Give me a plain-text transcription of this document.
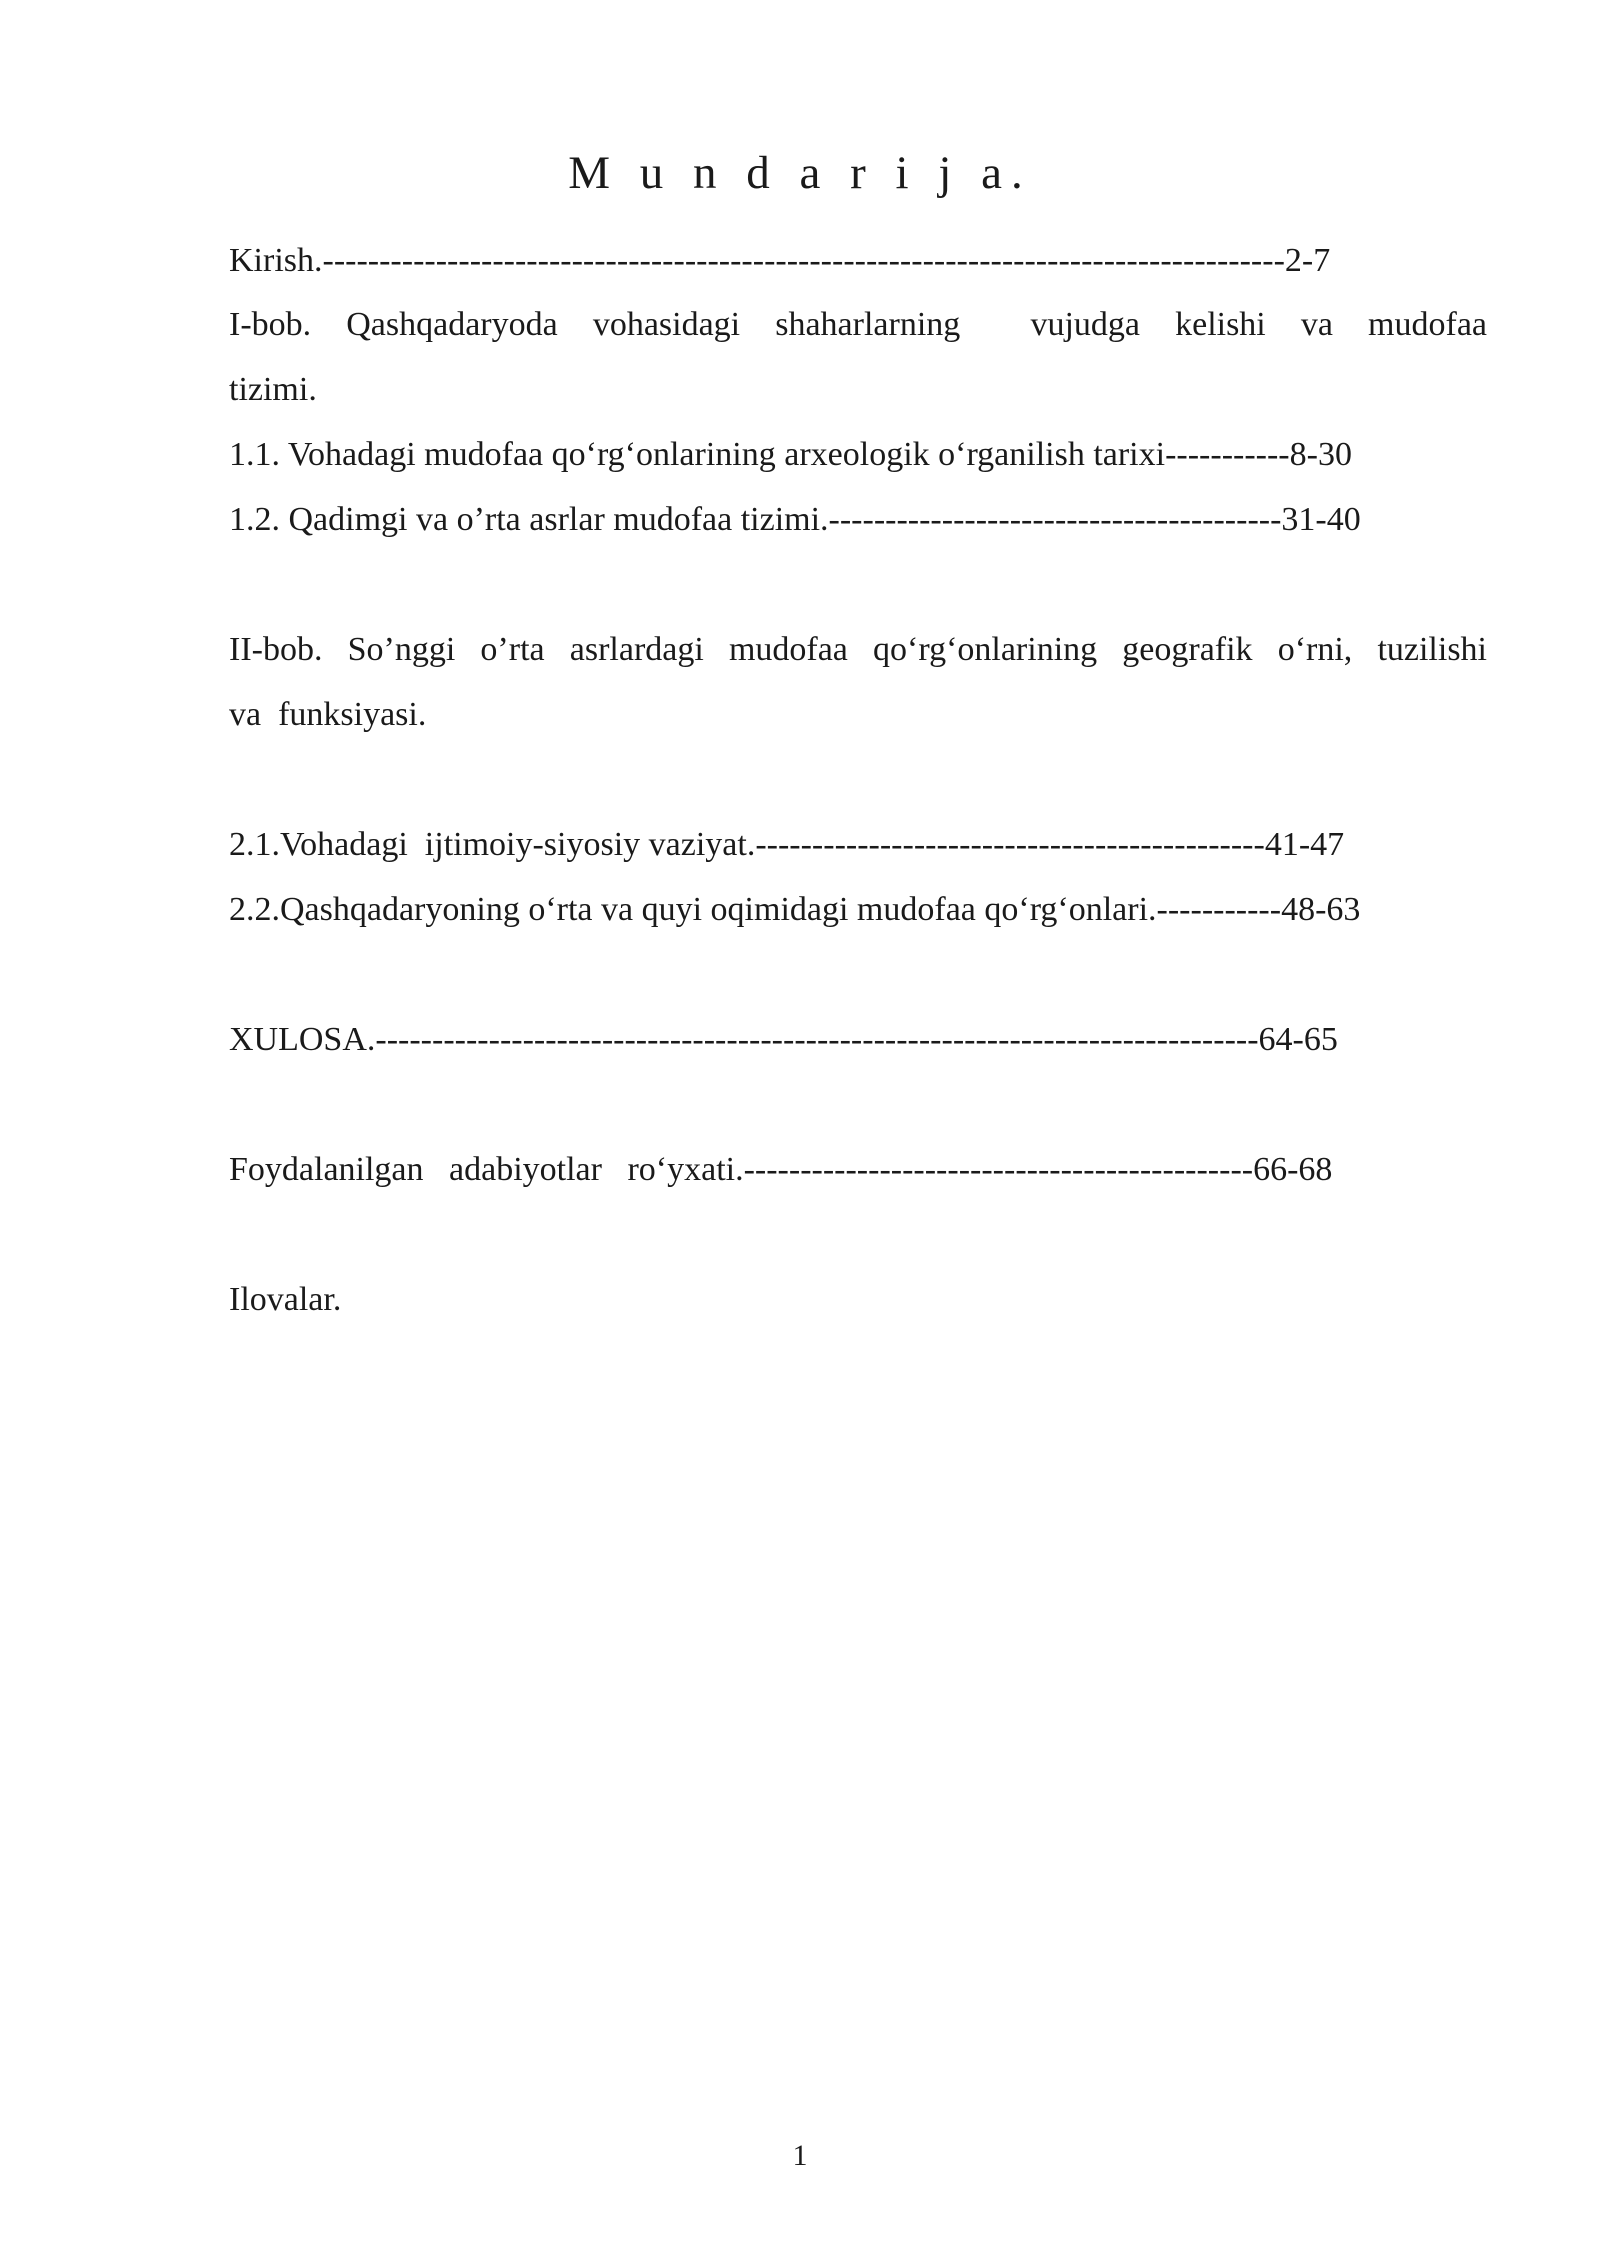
M u n d a r i j a.
Kirish.-------------------------------------------------------------------------------------2-7
I-bob. Qashqadaryoda vohasidagi shaharlarning  vujudga kelishi va mudofaa
tizimi.
1.1. Vohadagi mudofaa qo‘rg‘onlarining arxeologik o‘rganilish tarixi-----------8-30
1.2. Qadimgi va o’rta asrlar mudofaa tizimi.----------------------------------------31-40
II-bob. So’nggi o’rta asrlardagi mudofaa qo‘rg‘onlarining geografik o‘rni, tuzilishi
va  funksiyasi.
2.1.Vohadagi  ijtimoiy-siyosiy vaziyat.---------------------------------------------41-47
2.2.Qashqadaryoning o‘rta va quyi oqimidagi mudofaa qo‘rg‘onlari.-----------48-63
XULOSA.------------------------------------------------------------------------------64-65
Foydalanilgan   adabiyotlar   ro‘yxati.---------------------------------------------66-68
Ilovalar.
1
